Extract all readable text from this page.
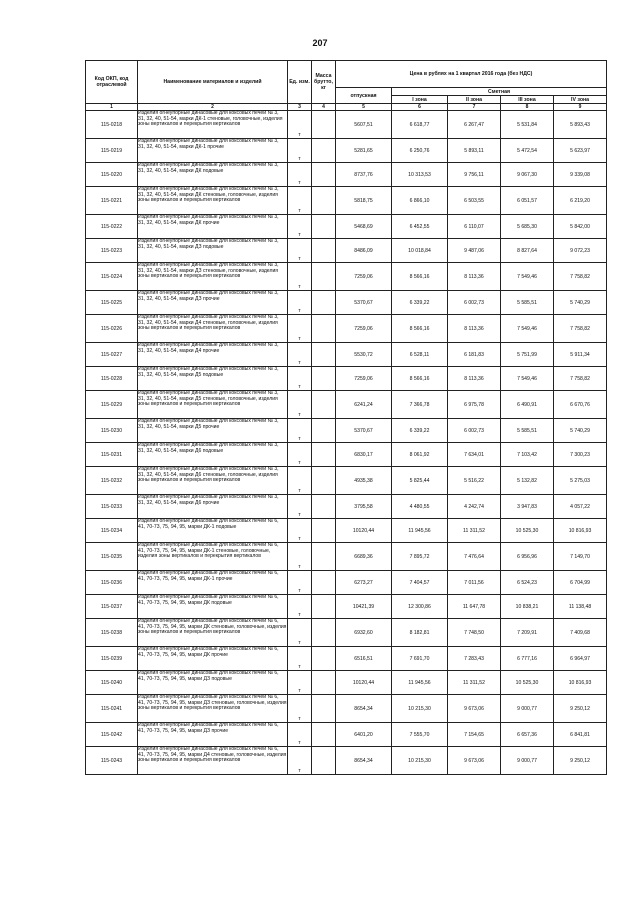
207
Код ОКП, код отраслевой	Наименование материалов и изделий	Ед. изм.	Масса брутто, кг	Цена в рублях на 1 квартал 2016 года (без НДС)				
				отпускная	Сметная			
					I зона	II зона	III зона	IV зона
1	2	3	4	5	6	7	8	9
115-0218	Изделия огнеупорные динасовые для коксовых печей № 3, 31, 32, 40, 51-54, марки ДК-1 стеновые, головочные, изделия зоны вертикалов и перекрытия вертикалов	т		5607,51	6 618,77	6 267,47	5 531,84	5 893,43
115-0219	Изделия огнеупорные динасовые для коксовых печей № 3, 31, 32, 40, 51-54, марки ДК-1 прочие	т		5281,65	6 250,76	5 893,11	5 472,54	5 623,97
115-0220	Изделия огнеупорные динасовые для коксовых печей № 3, 31, 32, 40, 51-54, марки ДК подовые	т		8737,76	10 313,53	9 756,11	9 067,30	9 339,08
115-0221	Изделия огнеупорные динасовые для коксовых печей № 3, 31, 32, 40, 51-54, марки ДК стеновые, головочные, изделия зоны вертикалов и перекрытия вертикалов	т		5818,75	6 866,10	6 503,55	6 051,57	6 219,20
115-0222	Изделия огнеупорные динасовые для коксовых печей № 3, 31, 32, 40, 51-54, марки ДК прочие	т		5468,69	6 452,55	6 110,07	5 685,30	5 842,00
115-0223	Изделия огнеупорные динасовые для коксовых печей № 3, 31, 32, 40, 51-54, марки ДЗ подовые	т		8486,09	10 018,84	9 487,06	8 827,64	9 072,23
115-0224	Изделия огнеупорные динасовые для коксовых печей № 3, 31, 32, 40, 51-54, марки ДЗ стеновые, головочные, изделия зоны вертикалов и перекрытия вертикалов	т		7259,06	8 566,16	8 113,36	7 549,46	7 758,82
115-0225	Изделия огнеупорные динасовые для коксовых печей № 3, 31, 32, 40, 51-54, марки ДЗ прочие	т		5370,67	6 339,22	6 002,73	5 585,51	5 740,29
115-0226	Изделия огнеупорные динасовые для коксовых печей № 3, 31, 32, 40, 51-54, марки Д4 стеновые, головочные, изделия зоны вертикалов и перекрытия вертикалов	т		7259,06	8 566,16	8 113,36	7 549,46	7 758,82
115-0227	Изделия огнеупорные динасовые для коксовых печей № 3, 31, 32, 40, 51-54, марки Д4 прочие	т		5530,72	6 528,11	6 181,83	5 751,99	5 911,34
115-0228	Изделия огнеупорные динасовые для коксовых печей № 3, 31, 32, 40, 51-54, марки Д5 подовые	т		7259,06	8 566,16	8 113,36	7 549,46	7 758,82
115-0229	Изделия огнеупорные динасовые для коксовых печей № 3, 31, 32, 40, 51-54, марки Д5 стеновые, головочные, изделия зоны вертикалов и перекрытия вертикалов	т		6241,24	7 366,78	6 975,78	6 490,91	6 670,76
115-0230	Изделия огнеупорные динасовые для коксовых печей № 3, 31, 32, 40, 51-54, марки Д5 прочие	т		5370,67	6 339,22	6 002,73	5 585,51	5 740,29
115-0231	Изделия огнеупорные динасовые для коксовых печей № 3, 31, 32, 40, 51-54, марки Д6 подовые	т		6830,17	8 061,92	7 634,01	7 103,42	7 300,23
115-0232	Изделия огнеупорные динасовые для коксовых печей № 3, 31, 32, 40, 51-54, марки Д6 стеновые, головочные, изделия зоны вертикалов и перекрытия вертикалов	т		4935,38	5 825,44	5 516,22	5 132,82	5 275,03
115-0233	Изделия огнеупорные динасовые для коксовых печей № 3, 31, 32, 40, 51-54, марки Д6 прочие	т		3795,58	4 480,55	4 242,74	3 947,83	4 057,22
115-0234	Изделия огнеупорные динасовые для коксовых печей № 6, 41, 70-73, 75, 94, 95, марки ДК-1 подовые	т		10120,44	11 945,56	11 311,52	10 525,30	10 816,93
115-0235	Изделия огнеупорные динасовые для коксовых печей № 6, 41, 70-73, 75, 94, 95, марки ДК-1 стеновые, головочные, изделия зоны вертикалов и перекрытия вертикалов	т		6689,36	7 895,72	7 476,64	6 956,96	7 149,70
115-0236	Изделия огнеупорные динасовые для коксовых печей № 6, 41, 70-73, 75, 94, 95, марки ДК-1 прочие	т		6273,27	7 404,57	7 011,56	6 524,23	6 704,99
115-0237	Изделия огнеупорные динасовые для коксовых печей № 6, 41, 70-73, 75, 94, 95, марки ДК подовые	т		10421,39	12 300,86	11 647,78	10 838,21	11 138,48
115-0238	Изделия огнеупорные динасовые для коксовых печей № 6, 41, 70-73, 75, 94, 95, марки ДК стеновые, головочные, изделия зоны вертикалов и перекрытия вертикалов	т		6932,60	8 182,81	7 748,50	7 209,91	7 409,68
115-0239	Изделия огнеупорные динасовые для коксовых печей № 6, 41, 70-73, 75, 94, 95, марки ДК прочие	т		6516,51	7 691,70	7 283,43	6 777,16	6 964,97
115-0240	Изделия огнеупорные динасовые для коксовых печей № 6, 41, 70-73, 75, 94, 95, марки ДЗ подовые	т		10120,44	11 945,56	11 311,52	10 525,30	10 816,93
115-0241	Изделия огнеупорные динасовые для коксовых печей № 6, 41, 70-73, 75, 94, 95, марки ДЗ стеновые, головочные, изделия зоны вертикалов и перекрытия вертикалов	т		8654,34	10 215,30	9 673,06	9 000,77	9 250,12
115-0242	Изделия огнеупорные динасовые для коксовых печей № 6, 41, 70-73, 75, 94, 95, марки ДЗ прочие	т		6401,20	7 555,70	7 154,65	6 657,36	6 841,81
115-0243	Изделия огнеупорные динасовые для коксовых печей № 6, 41, 70-73, 75, 94, 95, марки Д4 стеновые, головочные, изделия зоны вертикалов и перекрытия вертикалов	т		8654,34	10 215,30	9 673,06	9 000,77	9 250,12
